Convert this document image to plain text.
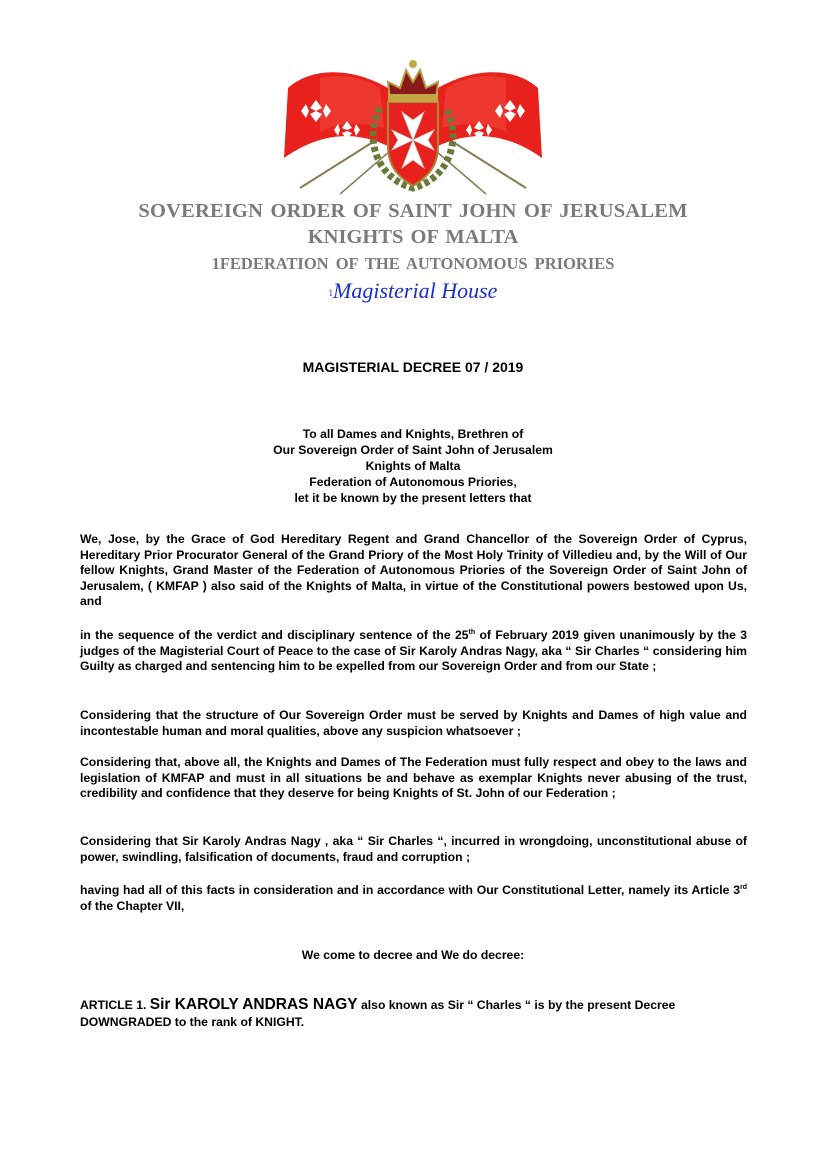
SOVEREIGN ORDER OF SAINT JOHN OF JERUSALEM
KNIGHTS OF MALTA
1FEDERATION OF THE AUTONOMOUS PRIORIES
1Magisterial House
MAGISTERIAL DECREE 07 / 2019
To all Dames and Knights, Brethren of
Our Sovereign Order of Saint John of Jerusalem
Knights of Malta
Federation of Autonomous Priories,
let it be known by the present letters that
We, Jose, by the Grace of God Hereditary Regent and Grand Chancellor of the Sovereign Order of Cyprus, Hereditary Prior Procurator General of the Grand Priory of the Most Holy Trinity of Villedieu and, by the Will of Our fellow Knights, Grand Master of the Federation of Autonomous Priories of the Sovereign Order of Saint John of Jerusalem, ( KMFAP ) also said of the Knights of Malta, in virtue of the Constitutional powers bestowed upon Us, and
in the sequence of the verdict and disciplinary sentence of the 25th of February 2019 given unanimously by the 3 judges of the Magisterial Court of Peace to the case of Sir Karoly Andras Nagy, aka “ Sir Charles “ considering him Guilty as charged and sentencing him to be expelled from our Sovereign Order and from our State ;
Considering that the structure of Our Sovereign Order must be served by Knights and Dames of high value and incontestable human and moral qualities, above any suspicion whatsoever ;
Considering that, above all, the Knights and Dames of The Federation must fully respect and obey to the laws and legislation of KMFAP and must in all situations be and behave as exemplar Knights never abusing of the trust, credibility and confidence that they deserve for being Knights of St. John of our Federation ;
Considering that Sir Karoly Andras Nagy , aka “ Sir Charles “, incurred in wrongdoing, unconstitutional abuse of power, swindling, falsification of documents, fraud and corruption ;
having had all of this facts in consideration and in accordance with Our Constitutional Letter, namely its Article 3rd of the Chapter VII,
We come to decree and We do decree:
ARTICLE 1. Sir KAROLY ANDRAS NAGY also known as Sir “ Charles “ is by the present Decree
DOWNGRADED to the rank of KNIGHT.
